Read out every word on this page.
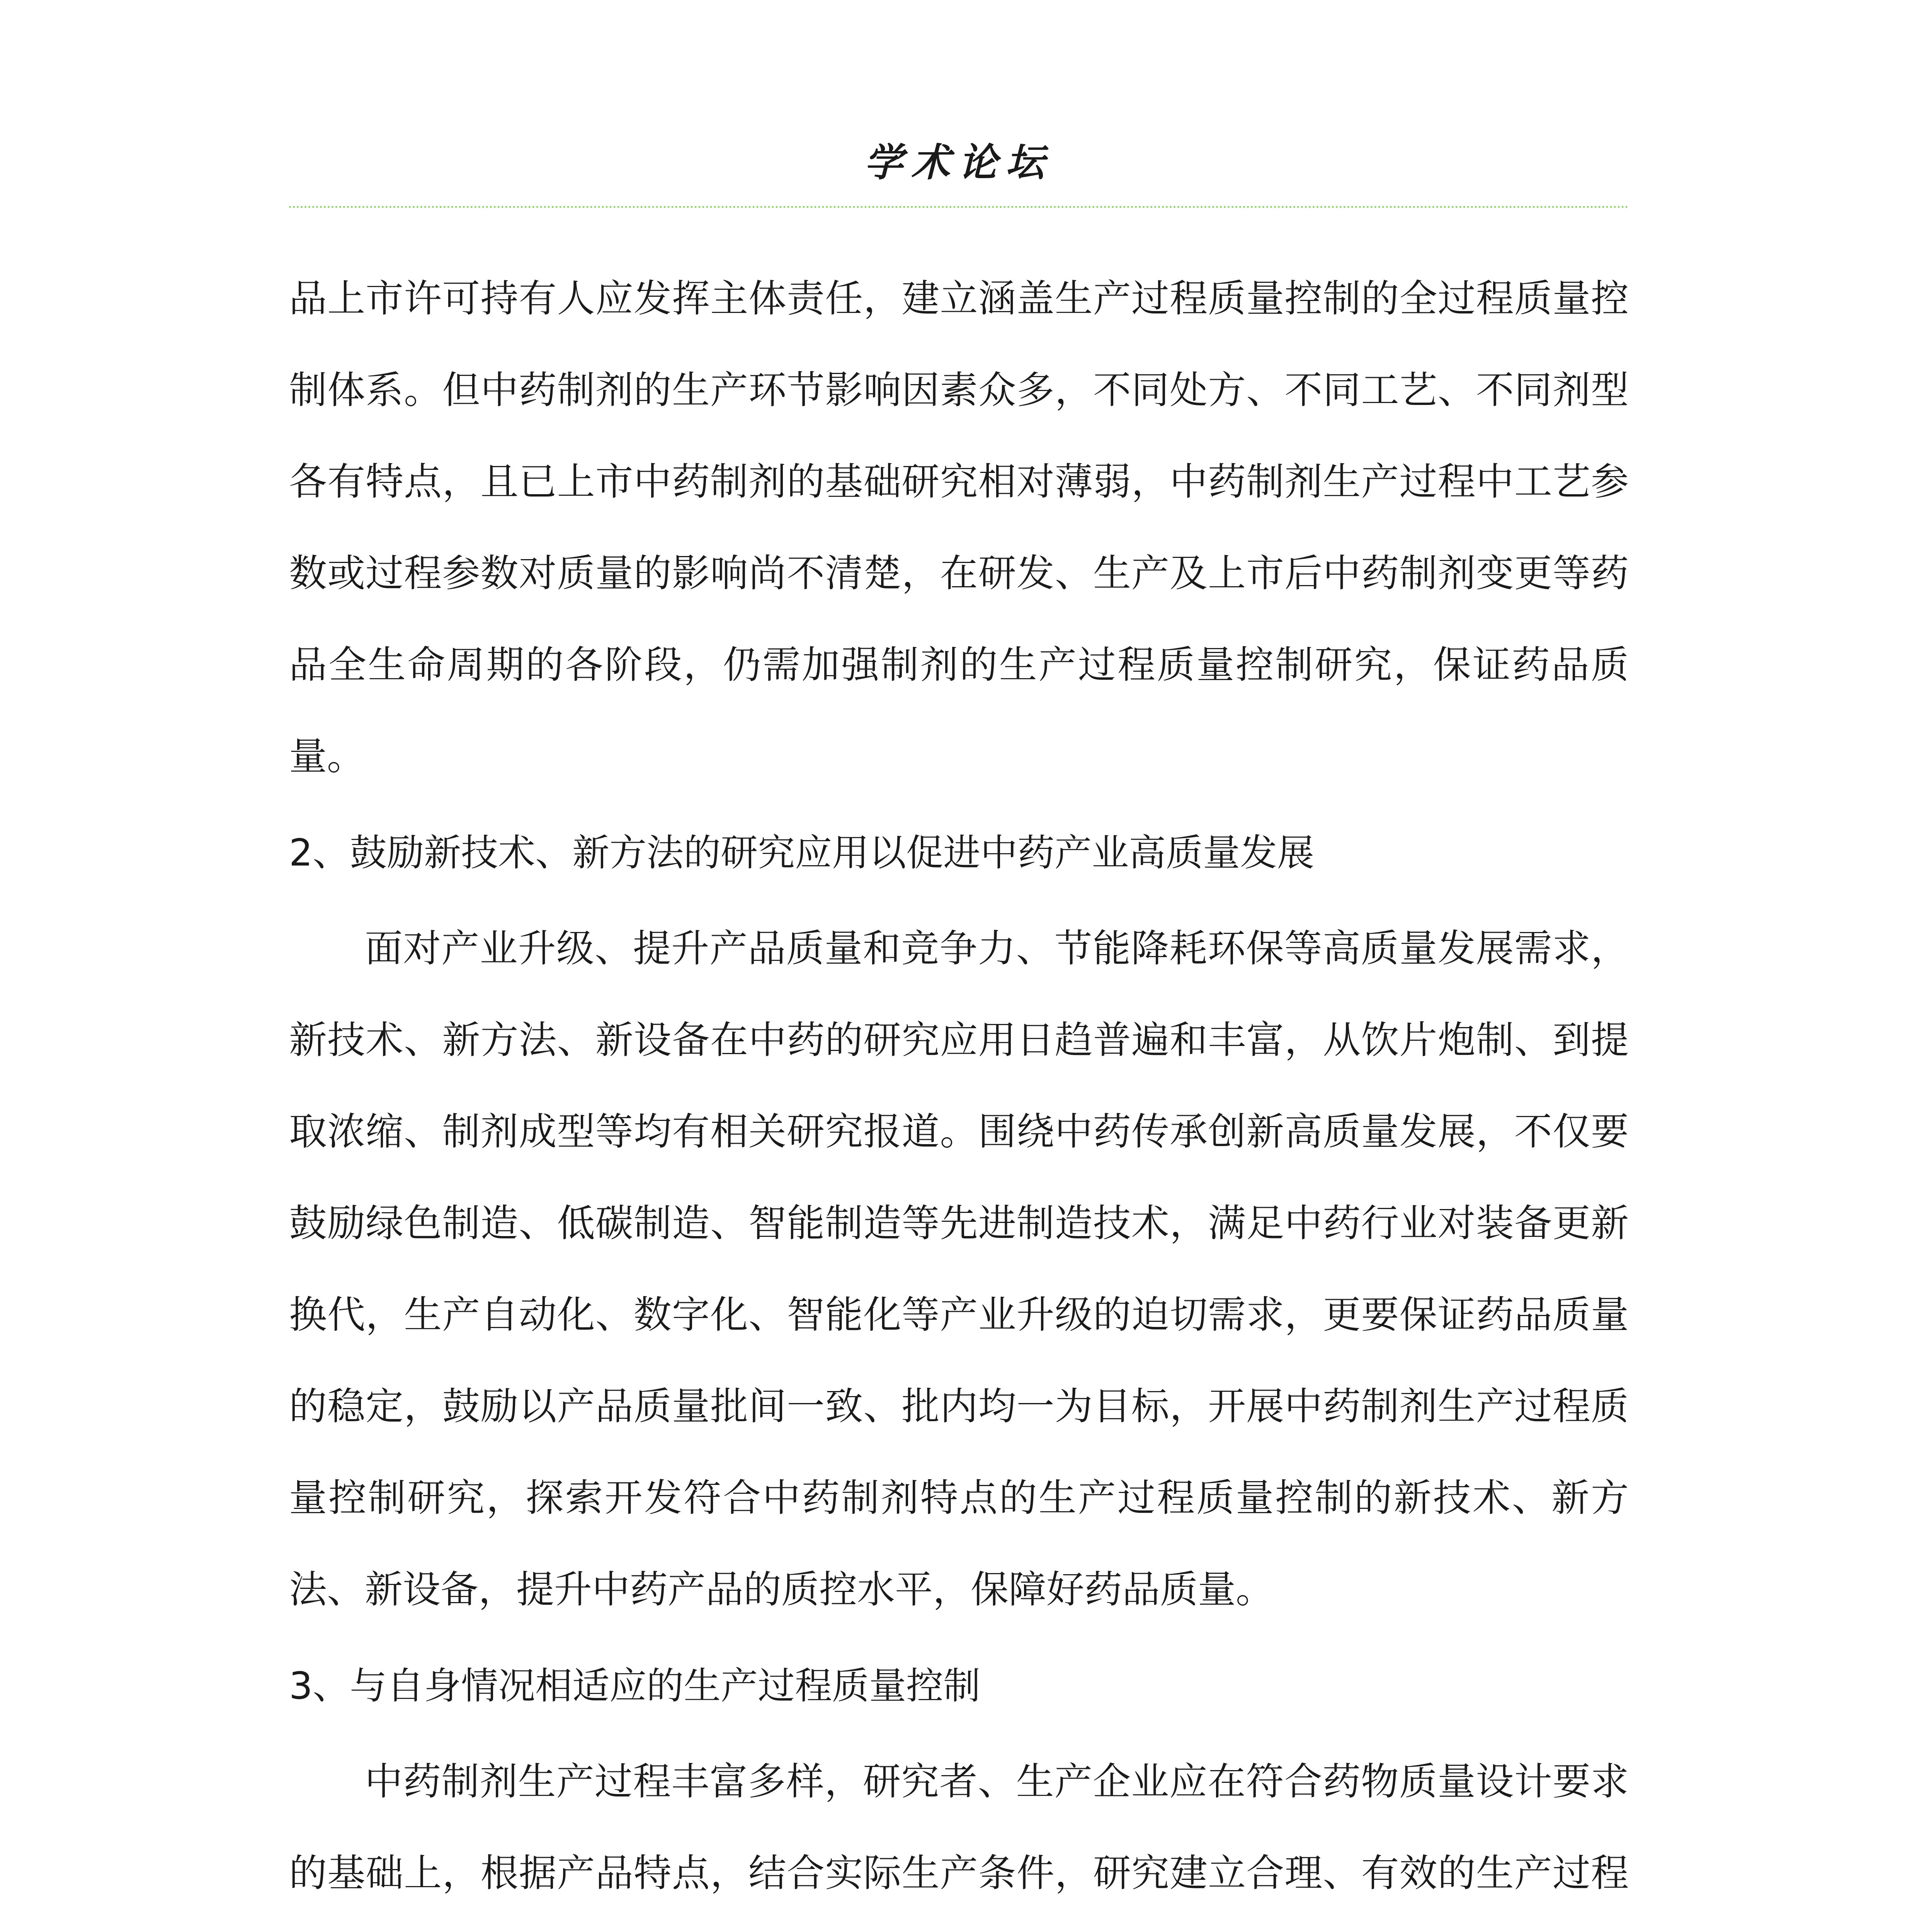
学术论坛

品上市许可持有人应发挥主体责任，建立涵盖生产过程质量控制的全过程质量控制体系。但中药制剂的生产环节影响因素众多，不同处方、不同工艺、不同剂型各有特点，且已上市中药制剂的基础研究相对薄弱，中药制剂生产过程中工艺参数或过程参数对质量的影响尚不清楚，在研发、生产及上市后中药制剂变更等药品全生命周期的各阶段，仍需加强制剂的生产过程质量控制研究，保证药品质量。

2、鼓励新技术、新方法的研究应用以促进中药产业高质量发展

面对产业升级、提升产品质量和竞争力、节能降耗环保等高质量发展需求，新技术、新方法、新设备在中药的研究应用日趋普遍和丰富，从饮片炮制、到提取浓缩、制剂成型等均有相关研究报道。围绕中药传承创新高质量发展，不仅要鼓励绿色制造、低碳制造、智能制造等先进制造技术，满足中药行业对装备更新换代，生产自动化、数字化、智能化等产业升级的迫切需求，更要保证药品质量的稳定，鼓励以产品质量批间一致、批内均一为目标，开展中药制剂生产过程质量控制研究，探索开发符合中药制剂特点的生产过程质量控制的新技术、新方法、新设备，提升中药产品的质控水平，保障好药品质量。

3、与自身情况相适应的生产过程质量控制

中药制剂生产过程丰富多样，研究者、生产企业应在符合药物质量设计要求的基础上，根据产品特点，结合实际生产条件，研究建立合理、有效的生产过程
